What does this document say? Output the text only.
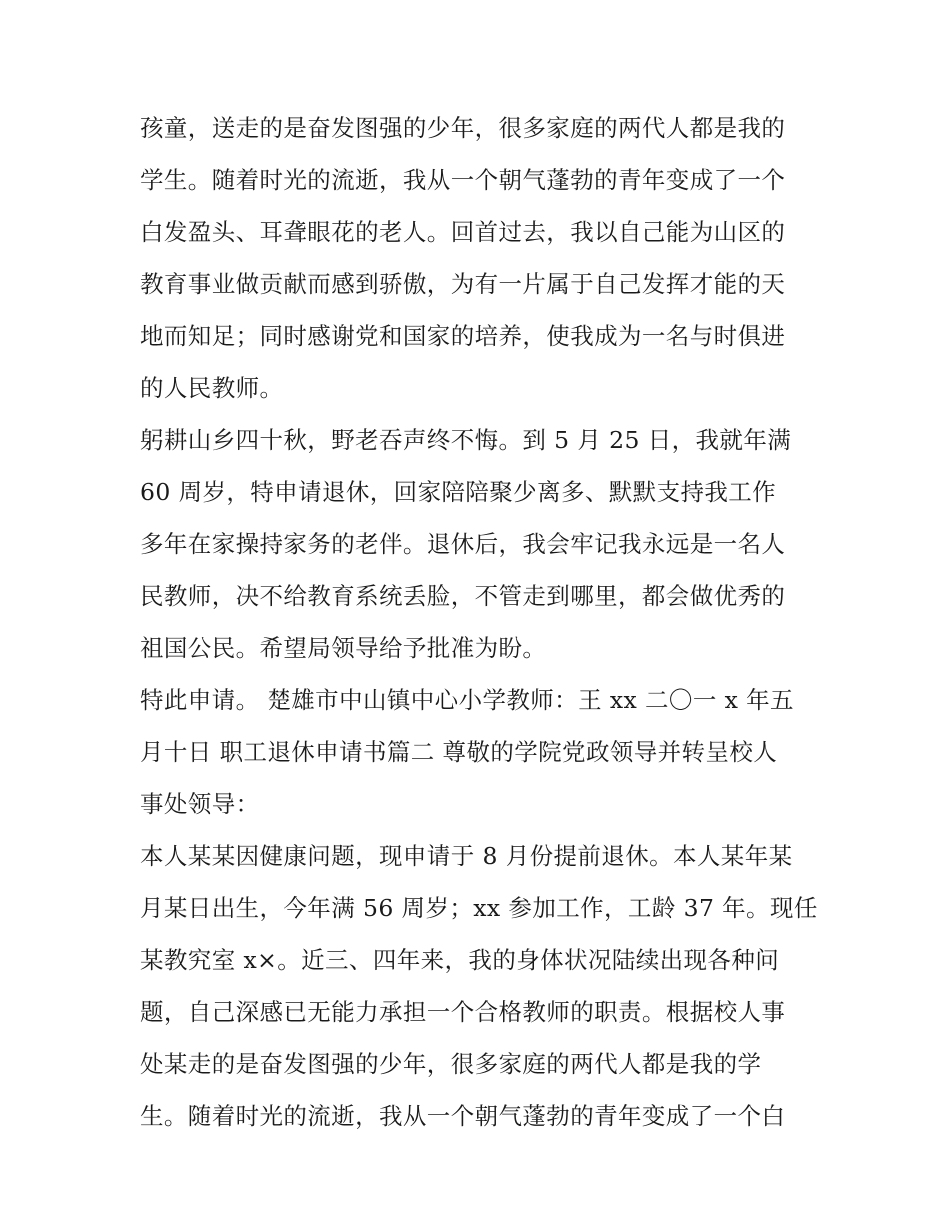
孩童，送走的是奋发图强的少年，很多家庭的两代人都是我的
学生。随着时光的流逝，我从一个朝气蓬勃的青年变成了一个
白发盈头、耳聋眼花的老人。回首过去，我以自己能为山区的
教育事业做贡献而感到骄傲，为有一片属于自己发挥才能的天
地而知足；同时感谢党和国家的培养，使我成为一名与时俱进
的人民教师。
躬耕山乡四十秋，野老吞声终不悔。到 5 月 25 日，我就年满
60 周岁，特申请退休，回家陪陪聚少离多、默默支持我工作
多年在家操持家务的老伴。退休后，我会牢记我永远是一名人
民教师，决不给教育系统丢脸，不管走到哪里，都会做优秀的
祖国公民。希望局领导给予批准为盼。
特此申请。 楚雄市中山镇中心小学教师：王 xx 二〇一 x 年五
月十日 职工退休申请书篇二 尊敬的学院党政领导并转呈校人
事处领导：
本人某某因健康问题，现申请于 8 月份提前退休。本人某年某
月某日出生，今年满 56 周岁；xx 参加工作，工龄 37 年。现任
某教究室 x×。近三、四年来，我的身体状况陆续出现各种问
题，自己深感已无能力承担一个合格教师的职责。根据校人事
处某走的是奋发图强的少年，很多家庭的两代人都是我的学
生。随着时光的流逝，我从一个朝气蓬勃的青年变成了一个白
